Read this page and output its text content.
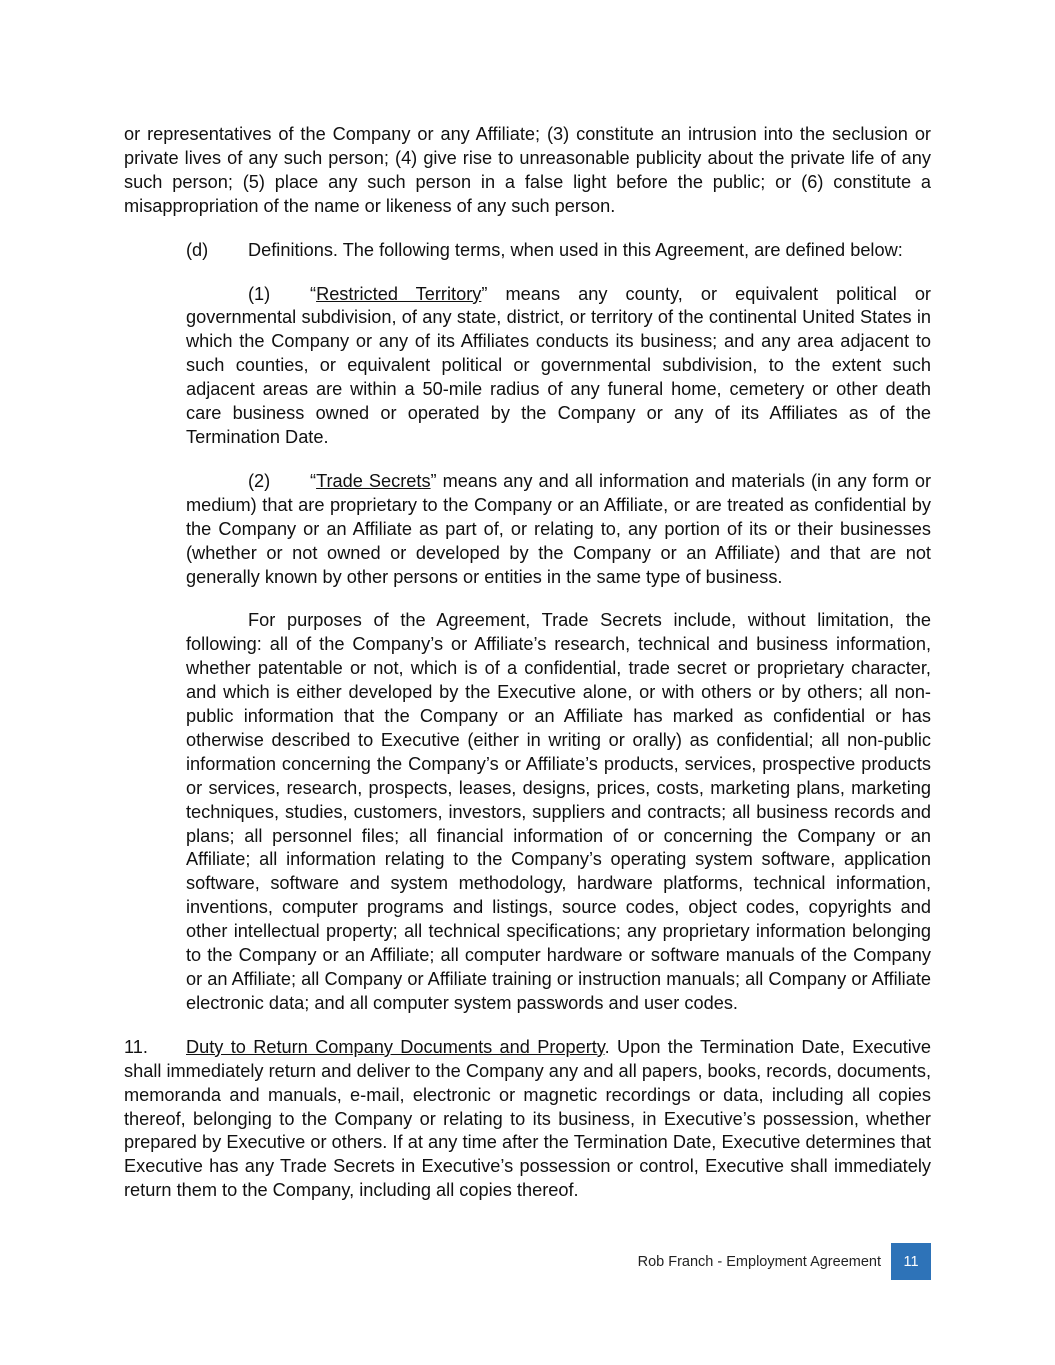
or representatives of the Company or any Affiliate; (3) constitute an intrusion into the seclusion or private lives of any such person; (4) give rise to unreasonable publicity about the private life of any such person; (5) place any such person in a false light before the public; or (6) constitute a misappropriation of the name or likeness of any such person.

(d) Definitions. The following terms, when used in this Agreement, are defined below:

(1) “Restricted Territory” means any county, or equivalent political or governmental subdivision, of any state, district, or territory of the continental United States in which the Company or any of its Affiliates conducts its business; and any area adjacent to such counties, or equivalent political or governmental subdivision, to the extent such adjacent areas are within a 50-mile radius of any funeral home, cemetery or other death care business owned or operated by the Company or any of its Affiliates as of the Termination Date.

(2) “Trade Secrets” means any and all information and materials (in any form or medium) that are proprietary to the Company or an Affiliate, or are treated as confidential by the Company or an Affiliate as part of, or relating to, any portion of its or their businesses (whether or not owned or developed by the Company or an Affiliate) and that are not generally known by other persons or entities in the same type of business.

For purposes of the Agreement, Trade Secrets include, without limitation, the following: all of the Company’s or Affiliate’s research, technical and business information, whether patentable or not, which is of a confidential, trade secret or proprietary character, and which is either developed by the Executive alone, or with others or by others; all non-public information that the Company or an Affiliate has marked as confidential or has otherwise described to Executive (either in writing or orally) as confidential; all non-public information concerning the Company’s or Affiliate’s products, services, prospective products or services, research, prospects, leases, designs, prices, costs, marketing plans, marketing techniques, studies, customers, investors, suppliers and contracts; all business records and plans; all personnel files; all financial information of or concerning the Company or an Affiliate; all information relating to the Company’s operating system software, application software, software and system methodology, hardware platforms, technical information, inventions, computer programs and listings, source codes, object codes, copyrights and other intellectual property; all technical specifications; any proprietary information belonging to the Company or an Affiliate; all computer hardware or software manuals of the Company or an Affiliate; all Company or Affiliate training or instruction manuals; all Company or Affiliate electronic data; and all computer system passwords and user codes.

11. Duty to Return Company Documents and Property. Upon the Termination Date, Executive shall immediately return and deliver to the Company any and all papers, books, records, documents, memoranda and manuals, e-mail, electronic or magnetic recordings or data, including all copies thereof, belonging to the Company or relating to its business, in Executive’s possession, whether prepared by Executive or others. If at any time after the Termination Date, Executive determines that Executive has any Trade Secrets in Executive’s possession or control, Executive shall immediately return them to the Company, including all copies thereof.

Rob Franch - Employment Agreement	11
